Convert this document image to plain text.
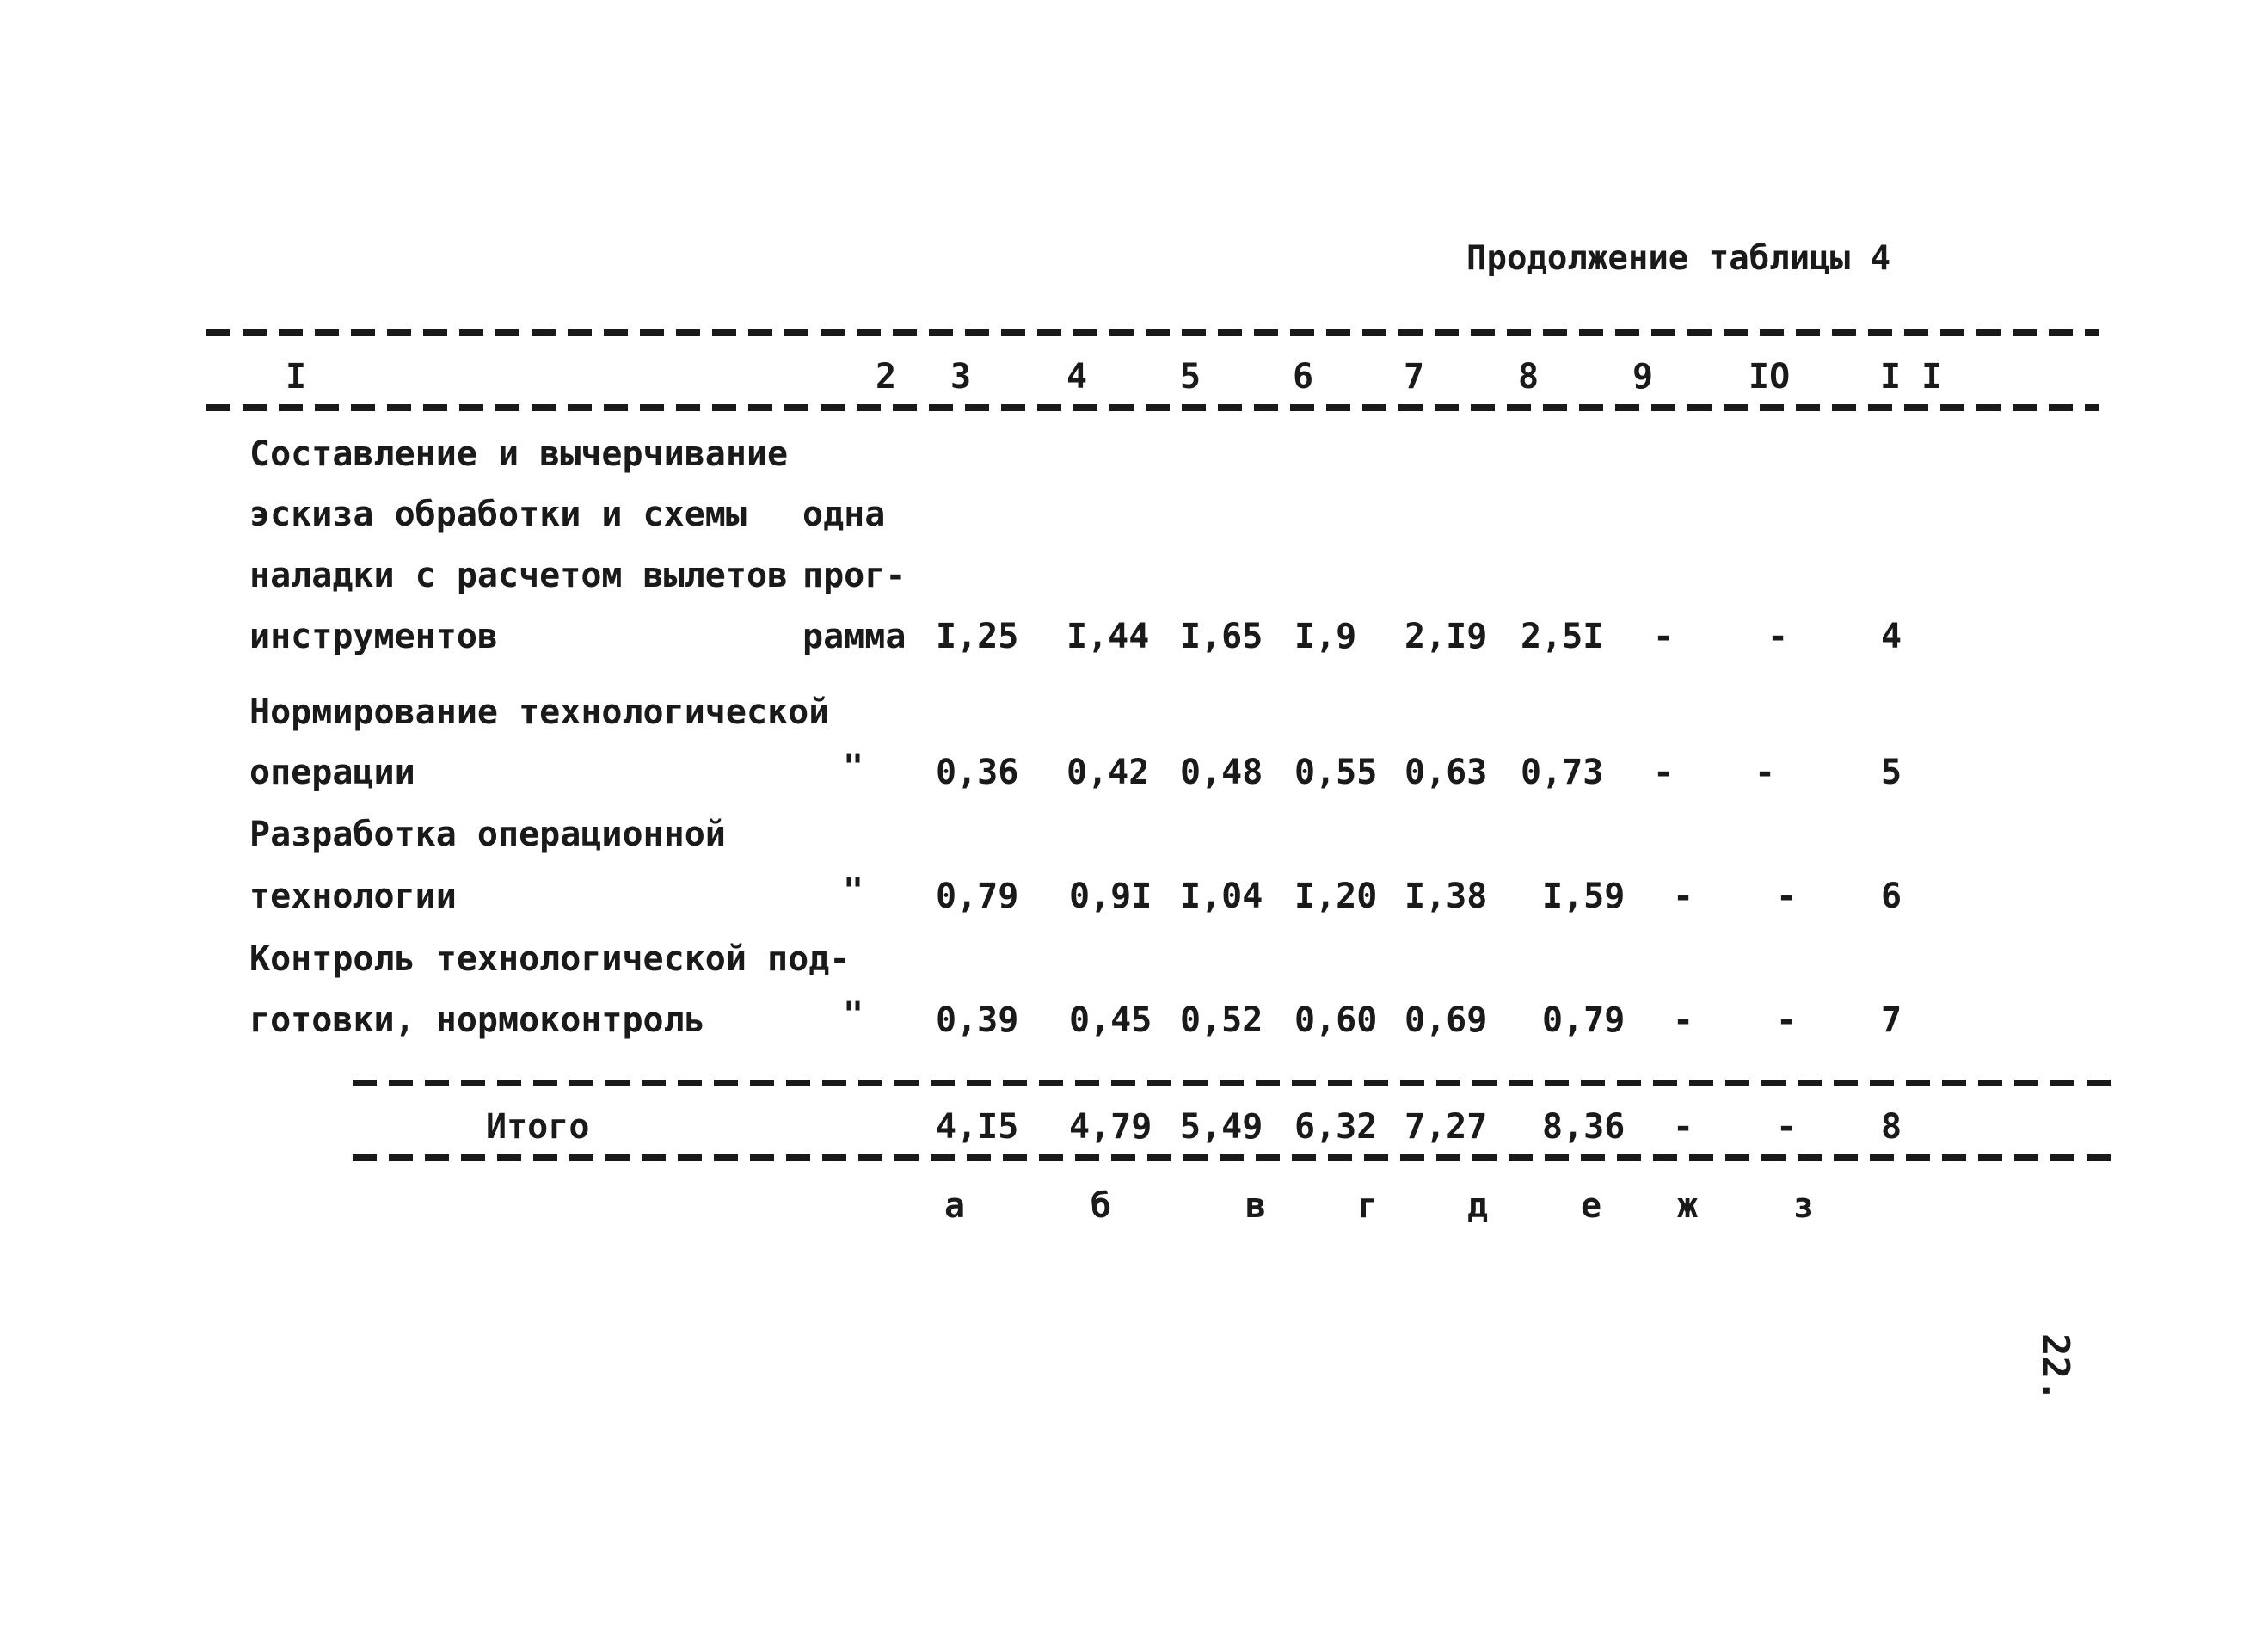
Продолжение таблицы 4
I	2 3	4	5	6	7	8	9	IO	I I
Составление и вычерчивание
эскиза обработки и схемы
наладки с расчетом вылетов
инструментов
одна
прог-
рамма I,25 I,44 I,65 I,9 2,I9 2,5I -	-	4
Нормирование технологической
операции	" 0,36 0,42 0,48 0,55 0,63 0,73 - -	5
Разработка операционной
технологии	" 0,79 0,9I I,04 I,20 I,38 I,59 - - 6
Контроль технологической под-
готовки, нормоконтроль	" 0,39 0,45 0,52 0,60 0,69 0,79 - - 7
Итого	4,I5 4,79 5,49 6,32 7,27 8,36 - - 8
а	б	в	г	д	е ж	з
22.
